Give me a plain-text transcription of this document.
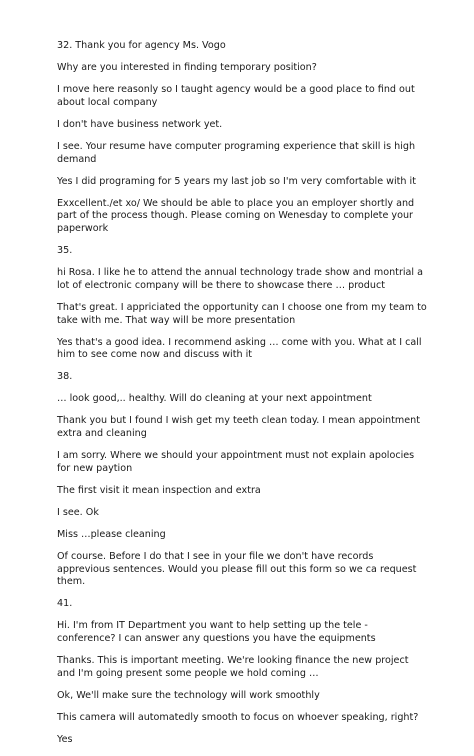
32. Thank you for agency Ms. Vogo

Why are you interested in finding temporary position?

I move here reasonly so I taught agency would be a good place to find out about local company

I don't have business network yet.

I see. Your resume have computer programing experience that skill is high demand

Yes I did programing for 5 years my last job so I'm very comfortable with it

Exxcellent./et xo/ We should be able to place you an employer shortly and part of the process though. Please coming on Wenesday to complete your paperwork

35.

hi Rosa. I like he to attend the annual technology trade show and montrial a lot of electronic company will be there to showcase there … product

That's great. I appriciated the opportunity can I choose one from my team to take with me. That way will be more presentation

Yes that's a good idea. I recommend asking … come with you. What at I call him to see come now and discuss with it

38.

… look good,.. healthy. Will do cleaning at your next appointment

Thank you but I found I wish get my teeth clean today. I mean appointment extra and cleaning

I am sorry. Where we should your appointment must not explain apolocies for new paytion

The first visit it mean inspection and extra

I see. Ok

Miss …please cleaning

Of course. Before I do that I see in your file we don't have records apprevious sentences. Would you please fill out this form so we ca request them.

41.

Hi. I'm from IT Department you want to help setting up the tele - conference? I can answer any questions you have the equipments

Thanks. This is important meeting. We're looking finance the new project and I'm going present some people we hold coming …

Ok, We'll make sure the technology will work smoothly

This camera will automatedly smooth to focus on whoever speaking, right?

Yes
